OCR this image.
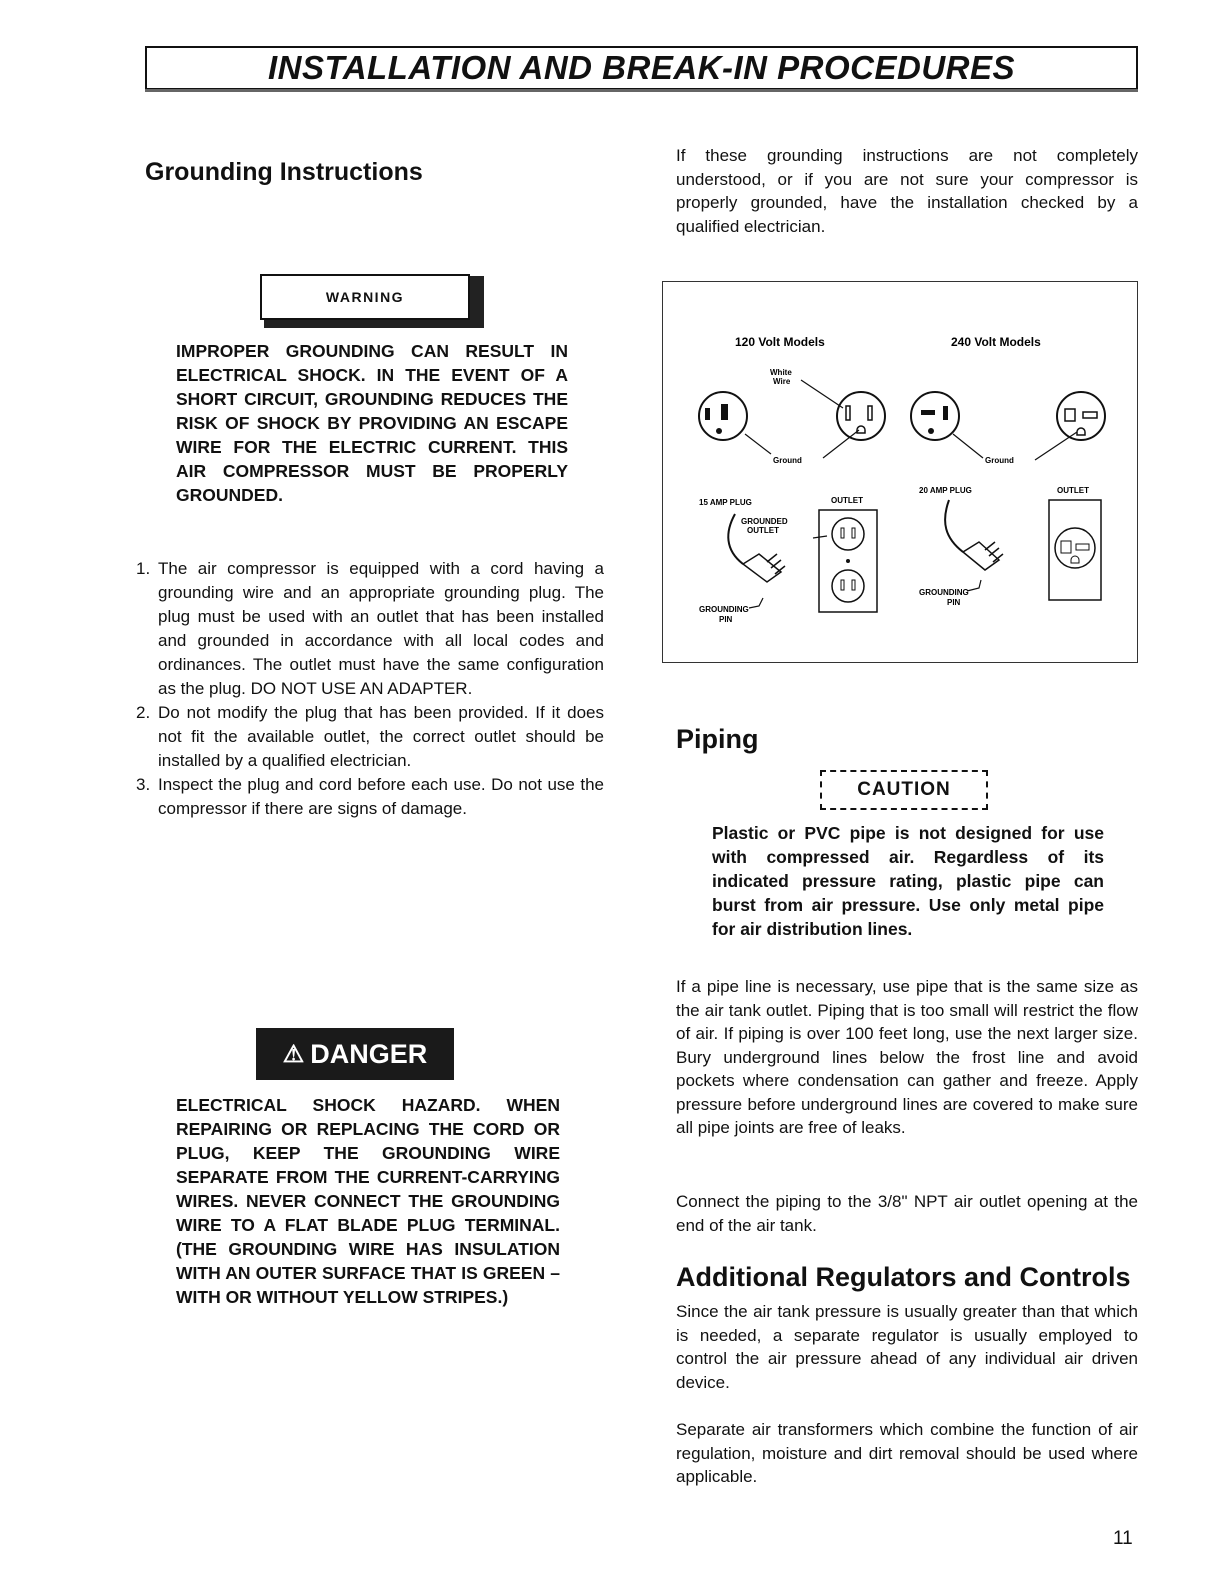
INSTALLATION AND BREAK-IN PROCEDURES
Grounding Instructions
WARNING

IMPROPER GROUNDING CAN RESULT IN ELECTRICAL SHOCK. IN THE EVENT OF A SHORT CIRCUIT, GROUNDING REDUCES THE RISK OF SHOCK BY PROVIDING AN ESCAPE WIRE FOR THE ELECTRIC CURRENT. THIS AIR COMPRESSOR MUST BE PROPERLY GROUNDED.

1. The air compressor is equipped with a cord having a grounding wire and an appropriate grounding plug. The plug must be used with an outlet that has been installed and grounded in accordance with all local codes and ordinances. The outlet must have the same configuration as the plug. DO NOT USE AN ADAPTER.
2. Do not modify the plug that has been provided. If it does not fit the available outlet, the correct outlet should be installed by a qualified electrician.
3. Inspect the plug and cord before each use. Do not use the compressor if there are signs of damage.
⚠ DANGER

ELECTRICAL SHOCK HAZARD. WHEN REPAIRING OR REPLACING THE CORD OR PLUG, KEEP THE GROUNDING WIRE SEPARATE FROM THE CURRENT-CARRYING WIRES. NEVER CONNECT THE GROUNDING WIRE TO A FLAT BLADE PLUG TERMINAL. (THE GROUNDING WIRE HAS INSULATION WITH AN OUTER SURFACE THAT IS GREEN – WITH OR WITHOUT YELLOW STRIPES.)

If these grounding instructions are not completely understood, or if you are not sure your compressor is properly grounded, have the installation checked by a qualified electrician.

120 Volt Models	240 Volt Models
White
Wire
Ground	Ground
15 AMP PLUG	OUTLET
GROUNDED
OUTLET
GROUNDING
PIN
20 AMP PLUG	OUTLET
GROUNDING
PIN
Piping
CAUTION

Plastic or PVC pipe is not designed for use with compressed air. Regardless of its indicated pressure rating, plastic pipe can burst from air pressure. Use only metal pipe for air distribution lines.

If a pipe line is necessary, use pipe that is the same size as the air tank outlet. Piping that is too small will restrict the flow of air. If piping is over 100 feet long, use the next larger size. Bury underground lines below the frost line and avoid pockets where condensation can gather and freeze. Apply pressure before underground lines are covered to make sure all pipe joints are free of leaks.

Connect the piping to the 3/8" NPT air outlet opening at the end of the air tank.

Additional Regulators and Controls

Since the air tank pressure is usually greater than that which is needed, a separate regulator is usually employed to control the air pressure ahead of any individual air driven device.

Separate air transformers which combine the function of air regulation, moisture and dirt removal should be used where applicable.

11
